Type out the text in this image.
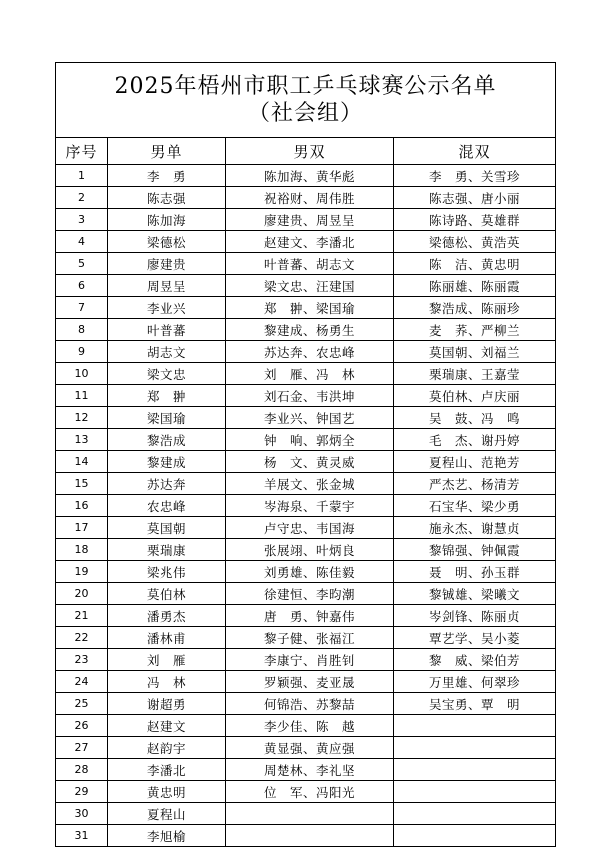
2025年梧州市职工乒乓球赛公示名单
（社会组）			

序号	男单	男双	混双
1	李　勇	陈加海、黄华彪	李　勇、关雪珍
2	陈志强	祝裕财、周伟胜	陈志强、唐小丽
3	陈加海	廖建贵、周昱呈	陈诗路、莫雄群
4	梁德松	赵建文、李潘北	梁德松、黄浩英
5	廖建贵	叶普蕃、胡志文	陈　洁、黄忠明
6	周昱呈	梁文忠、汪建国	陈丽雄、陈丽霞
7	李业兴	郑　翀、梁国瑜	黎浩成、陈丽珍
8	叶普蕃	黎建成、杨勇生	麦　荞、严柳兰
9	胡志文	苏达奔、农忠峰	莫国朝、刘福兰
10	梁文忠	刘　雁、冯　林	栗瑞康、王嘉莹
11	郑　翀	刘石金、韦洪坤	莫伯林、卢庆丽
12	梁国瑜	李业兴、钟国艺	吴　鼓、冯　鸣
13	黎浩成	钟　响、郭炳全	毛　杰、谢丹婷
14	黎建成	杨　文、黄灵威	夏程山、范艳芳
15	苏达奔	羊展文、张金城	严杰艺、杨清芳
16	农忠峰	岑海泉、千蒙宇	石宝华、梁少勇
17	莫国朝	卢守忠、韦国海	施永杰、谢慧贞
18	栗瑞康	张展翊、叶炳良	黎锦强、钟佩霞
19	梁兆伟	刘勇雄、陈佳毅	聂　明、孙玉群
20	莫伯林	徐建恒、李昀潮	黎铖雄、梁曦文
21	潘勇杰	唐　勇、钟嘉伟	岑剑锋、陈丽贞
22	潘林甫	黎子健、张福江	覃艺学、吴小菱
23	刘　雁	李康宁、肖胜钊	黎　威、梁伯芳
24	冯　林	罗颖强、麦亚晟	万里雄、何翠珍
25	谢超勇	何锦浩、苏黎喆	吴宝勇、覃　明
26	赵建文	李少佳、陈　越	
27	赵韵宇	黄显强、黄应强	
28	李潘北	周楚林、李礼坚	
29	黄忠明	位　军、冯阳光	
30	夏程山		
31	李旭榆		
